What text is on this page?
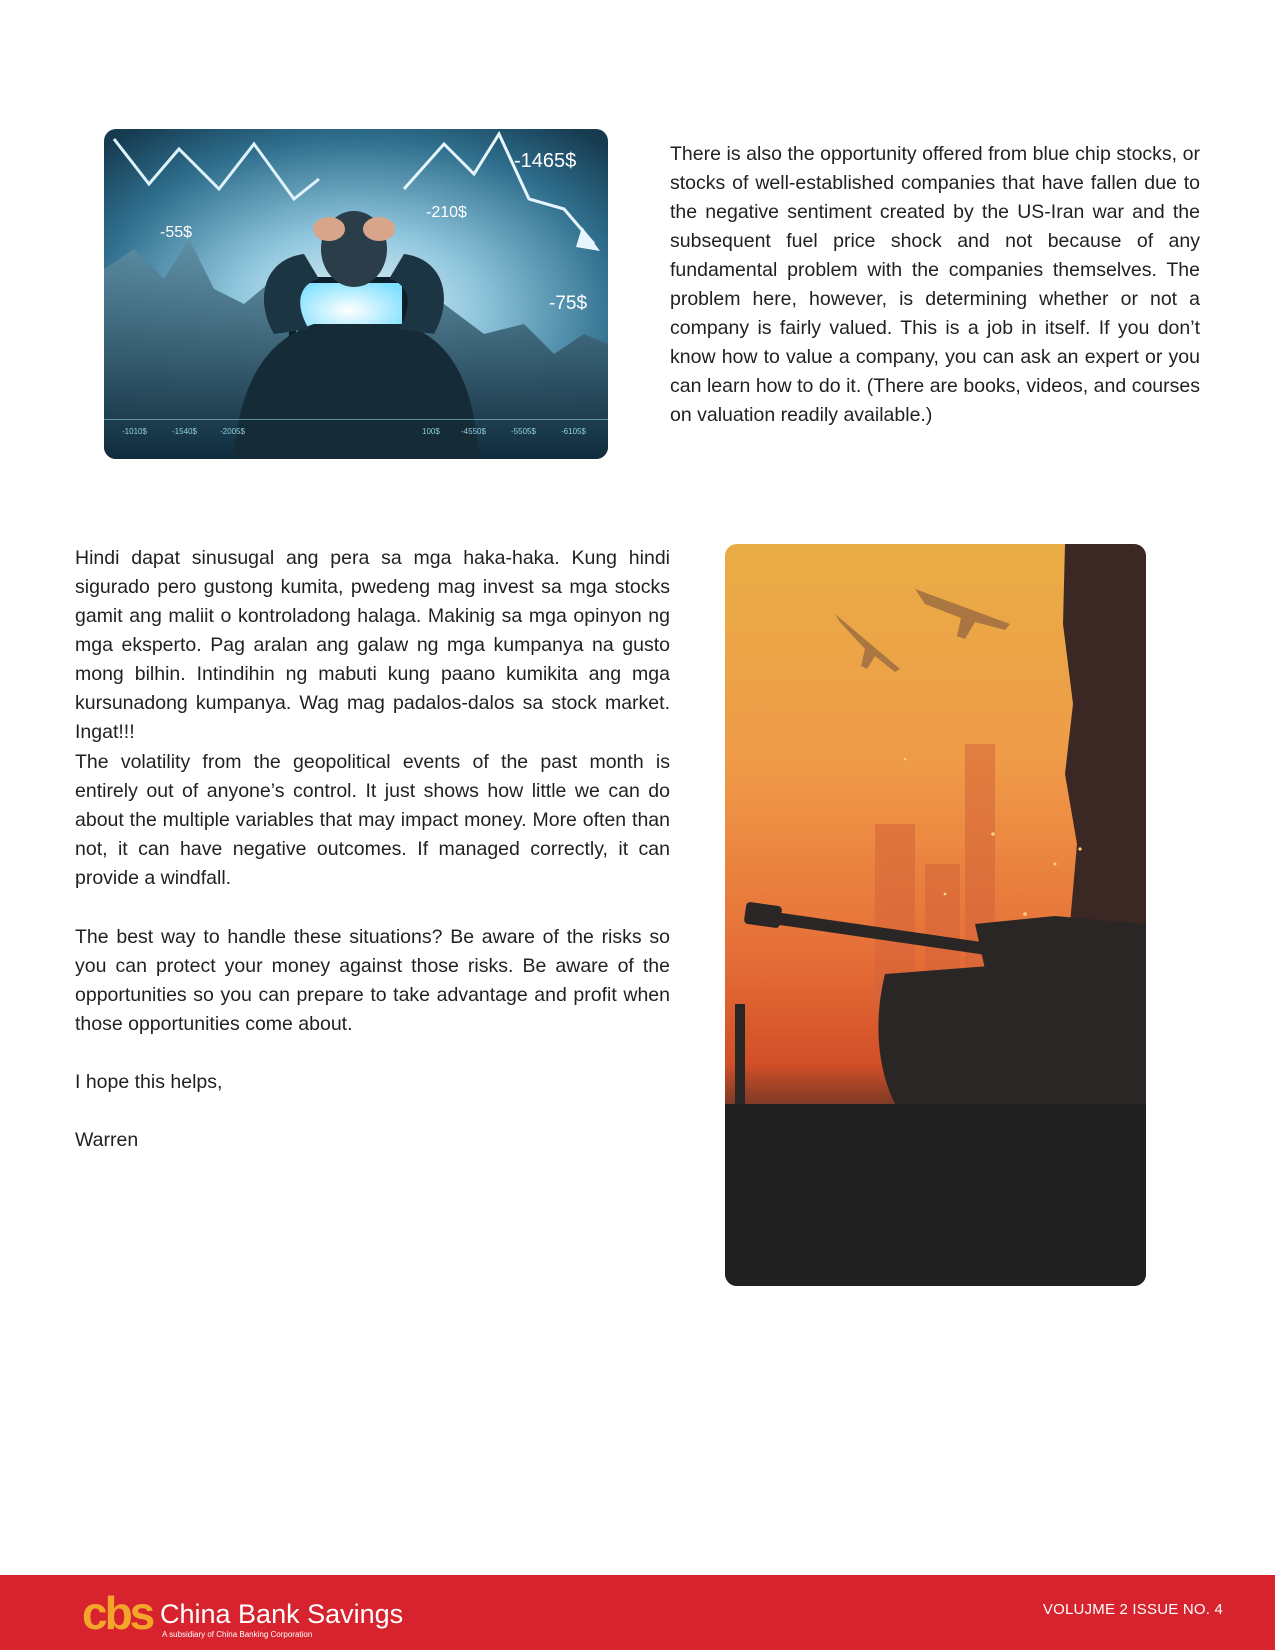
-1465$
-210$
-55$
-75$
-1010$	-1540$	-2005$	100$	-4550$	-5505$	-6105$

There is also the opportunity offered from blue chip stocks, or stocks of well-established companies that have fallen due to the negative sentiment created by the US-Iran war and the subsequent fuel price shock and not because of any fundamental problem with the companies themselves. The problem here, however, is determining whether or not a company is fairly valued. This is a job in itself. If you don’t know how to value a company, you can ask an expert or you can learn how to do it. (There are books, videos, and courses on valuation readily available.)

Hindi dapat sinusugal ang pera sa mga haka-haka. Kung hindi sigurado pero gustong kumita, pwedeng mag invest sa mga stocks gamit ang maliit o kontroladong halaga. Makinig sa mga opinyon ng mga eksperto. Pag aralan ang galaw ng mga kumpanya na gusto mong bilhin. Intindihin ng mabuti kung paano kumikita ang mga kursunadong kumpanya. Wag mag padalos-dalos sa stock market. Ingat!!!

The volatility from the geopolitical events of the past month is entirely out of anyone’s control. It just shows how little we can do about the multiple variables that may impact money. More often than not, it can have negative outcomes. If managed correctly, it can provide a windfall.

The best way to handle these situations? Be aware of the risks so you can protect your money against those risks. Be aware of the opportunities so you can prepare to take advantage and profit when those opportunities come about.

I hope this helps,

Warren

cbs China Bank Savings
A subsidiary of China Banking Corporation
VOLUJME 2 ISSUE NO. 4
